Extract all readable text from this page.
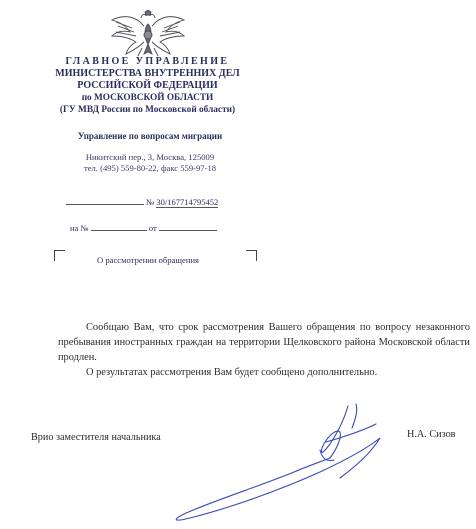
ГЛАВНОЕ УПРАВЛЕНИЕ
МИНИСТЕРСТВА ВНУТРЕННИХ ДЕЛ
РОССИЙСКОЙ ФЕДЕРАЦИИ
по МОСКОВСКОЙ ОБЛАСТИ
(ГУ МВД России по Московской области)
Управление по вопросам миграции
Никитский пер., 3, Москва, 125009
тел. (495) 559-80-22, факс 559-97-18
№ 30/167714795452
на №	от
О рассмотрении обращения

Сообщаю Вам, что срок рассмотрения Вашего обращения по вопросу незаконного пребывания иностранных граждан на территории Щелковского района Московской области продлен.

О результатах рассмотрения Вам будет сообщено дополнительно.

Врио заместителя начальника	Н.А. Сизов
